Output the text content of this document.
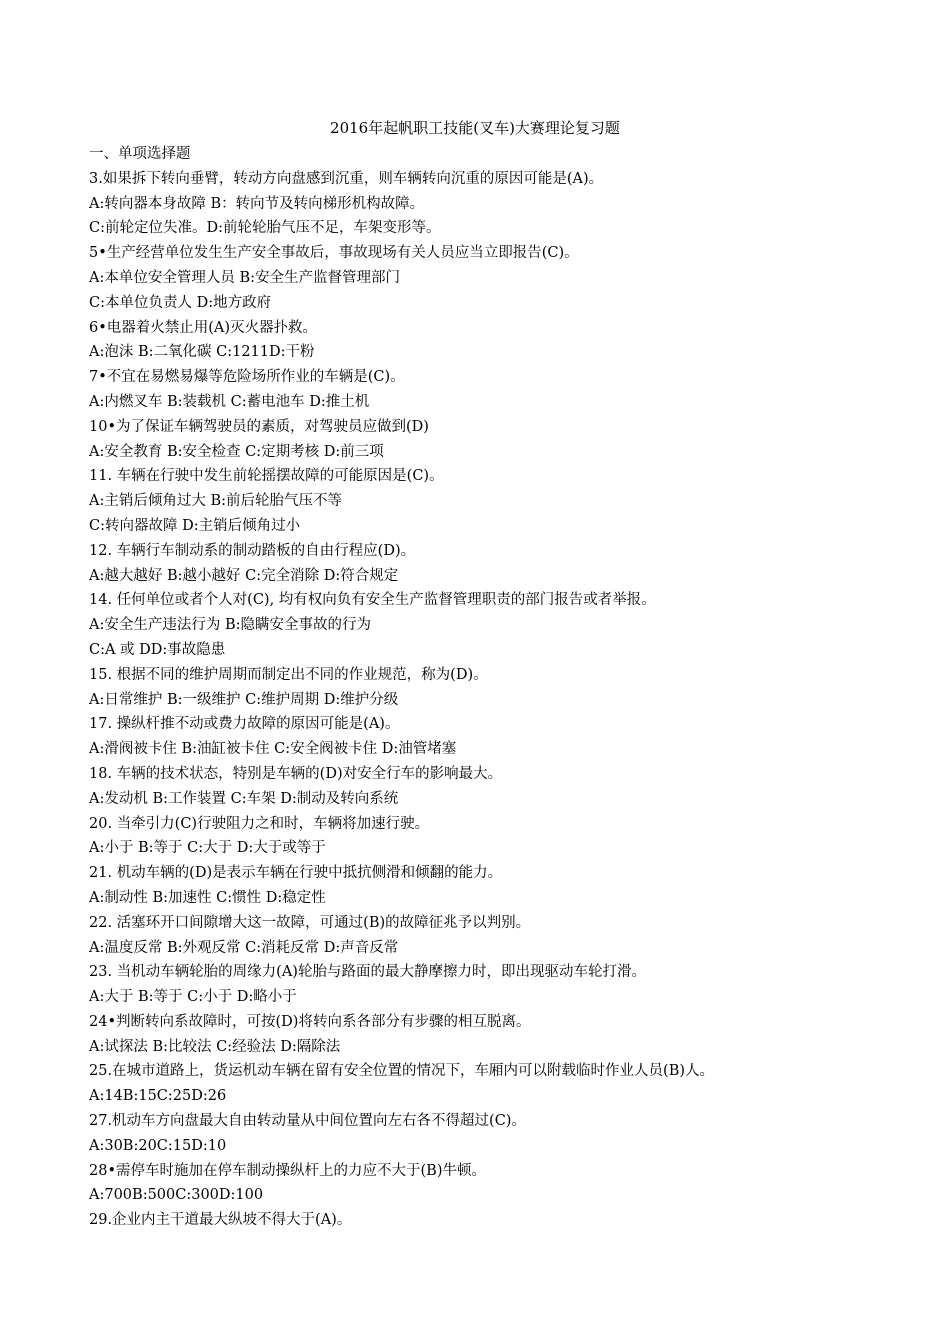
2016年起帆职工技能(叉车)大赛理论复习题
一、单项选择题
3.如果拆下转向垂臂，转动方向盘感到沉重，则车辆转向沉重的原因可能是(A)。
A:转向器本身故障 B：转向节及转向梯形机构故障。
C:前轮定位失准。D:前轮轮胎气压不足，车架变形等。
5•生产经营单位发生生产安全事故后，事故现场有关人员应当立即报告(C)。
A:本单位安全管理人员 B:安全生产监督管理部门
C:本单位负责人 D:地方政府
6•电器着火禁止用(A)灭火器扑救。
A:泡沫 B:二氧化碳 C:1211D:干粉
7•不宜在易燃易爆等危险场所作业的车辆是(C)。
A:内燃叉车 B:装载机 C:蓄电池车 D:推土机
10•为了保证车辆驾驶员的素质，对驾驶员应做到(D)
A:安全教育 B:安全检查 C:定期考核 D:前三项
11. 车辆在行驶中发生前轮摇摆故障的可能原因是(C)。
A:主销后倾角过大 B:前后轮胎气压不等
C:转向器故障 D:主销后倾角过小
12. 车辆行车制动系的制动踏板的自由行程应(D)。
A:越大越好 B:越小越好 C:完全消除 D:符合规定
14. 任何单位或者个人对(C), 均有权向负有安全生产监督管理职责的部门报告或者举报。
A:安全生产违法行为 B:隐瞒安全事故的行为
C:A 或 DD:事故隐患
15. 根据不同的维护周期而制定出不同的作业规范，称为(D)。
A:日常维护 B:一级维护 C:维护周期 D:维护分级
17. 操纵杆推不动或费力故障的原因可能是(A)。
A:滑阀被卡住 B:油缸被卡住 C:安全阀被卡住 D:油管堵塞
18. 车辆的技术状态，特别是车辆的(D)对安全行车的影响最大。
A:发动机 B:工作装置 C:车架 D:制动及转向系统
20. 当牵引力(C)行驶阻力之和时，车辆将加速行驶。
A:小于 B:等于 C:大于 D:大于或等于
21. 机动车辆的(D)是表示车辆在行驶中抵抗侧滑和倾翻的能力。
A:制动性 B:加速性 C:惯性 D:稳定性
22. 活塞环开口间隙增大这一故障，可通过(B)的故障征兆予以判别。
A:温度反常 B:外观反常 C:消耗反常 D:声音反常
23. 当机动车辆轮胎的周缘力(A)轮胎与路面的最大静摩擦力时，即出现驱动车轮打滑。
A:大于 B:等于 C:小于 D:略小于
24•判断转向系故障时，可按(D)将转向系各部分有步骤的相互脱离。
A:试探法 B:比较法 C:经验法 D:隔除法
25.在城市道路上，货运机动车辆在留有安全位置的情况下，车厢内可以附载临时作业人员(B)人。
A:14B:15C:25D:26
27.机动车方向盘最大自由转动量从中间位置向左右各不得超过(C)。
A:30B:20C:15D:10
28•需停车时施加在停车制动操纵杆上的力应不大于(B)牛顿。
A:700B:500C:300D:100
29.企业内主干道最大纵坡不得大于(A)。
